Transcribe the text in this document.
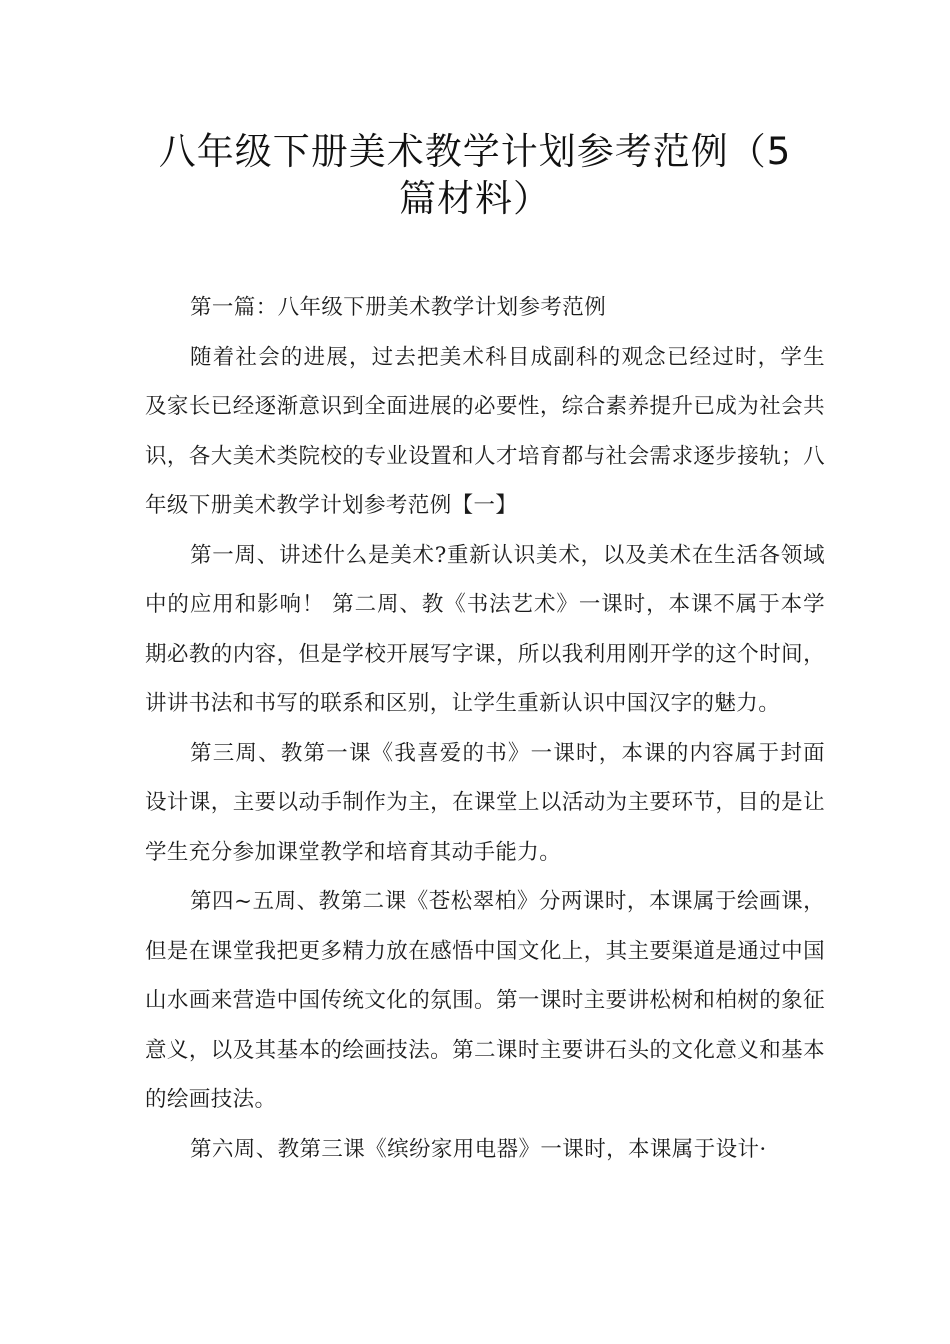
八年级下册美术教学计划参考范例（5
篇材料）

第一篇：八年级下册美术教学计划参考范例

随着社会的进展，过去把美术科目成副科的观念已经过时，学生及家长已经逐渐意识到全面进展的必要性，综合素养提升已成为社会共识，各大美术类院校的专业设置和人才培育都与社会需求逐步接轨；八年级下册美术教学计划参考范例【一】

第一周、讲述什么是美术?重新认识美术，以及美术在生活各领域中的应用和影响！ 第二周、教《书法艺术》一课时，本课不属于本学期必教的内容，但是学校开展写字课，所以我利用刚开学的这个时间，讲讲书法和书写的联系和区别，让学生重新认识中国汉字的魅力。

第三周、教第一课《我喜爱的书》一课时，本课的内容属于封面设计课，主要以动手制作为主，在课堂上以活动为主要环节，目的是让学生充分参加课堂教学和培育其动手能力。

第四~五周、教第二课《苍松翠柏》分两课时，本课属于绘画课，但是在课堂我把更多精力放在感悟中国文化上，其主要渠道是通过中国山水画来营造中国传统文化的氛围。第一课时主要讲松树和柏树的象征意义，以及其基本的绘画技法。第二课时主要讲石头的文化意义和基本的绘画技法。

第六周、教第三课《缤纷家用电器》一课时，本课属于设计·
